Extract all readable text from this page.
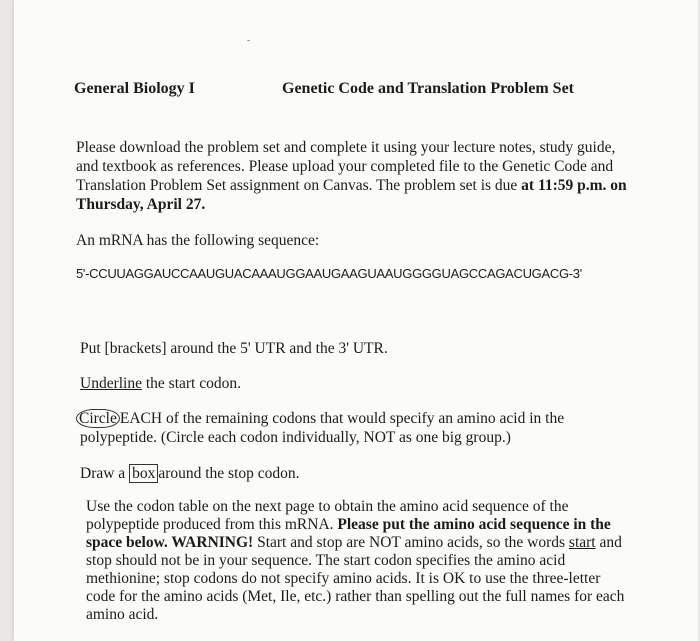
-
General Biology I	Genetic Code and Translation Problem Set

Please download the problem set and complete it using your lecture notes, study guide, and textbook as references. Please upload your completed file to the Genetic Code and Translation Problem Set assignment on Canvas. The problem set is due at 11:59 p.m. on Thursday, April 27.

An mRNA has the following sequence:

5'-CCUUAGGAUCCAAUGUACAAAUGGAAUGAAGUAAUGGGGUAGCCAGACUGACG-3'

Put [brackets] around the 5' UTR and the 3' UTR.

Underline the start codon.

Circle EACH of the remaining codons that would specify an amino acid in the polypeptide. (Circle each codon individually, NOT as one big group.)

Draw a box around the stop codon.

Use the codon table on the next page to obtain the amino acid sequence of the polypeptide produced from this mRNA. Please put the amino acid sequence in the space below. WARNING! Start and stop are NOT amino acids, so the words start and stop should not be in your sequence. The start codon specifies the amino acid methionine; stop codons do not specify amino acids. It is OK to use the three-letter code for the amino acids (Met, Ile, etc.) rather than spelling out the full names for each amino acid.
